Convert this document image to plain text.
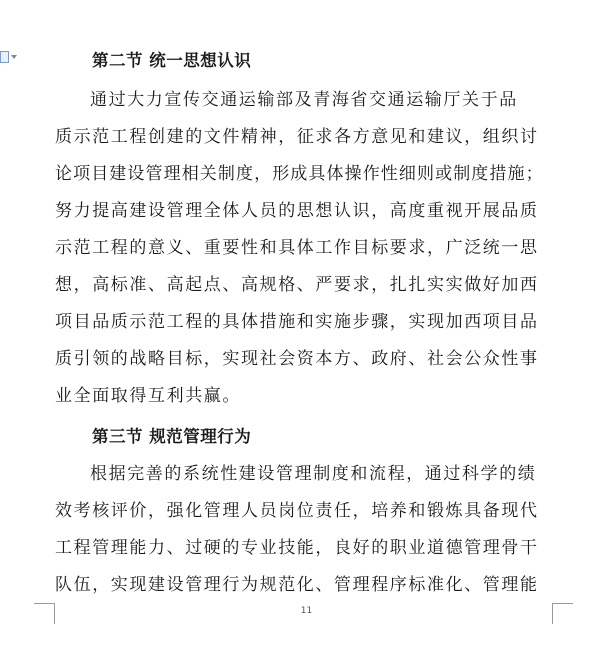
第二节 统一思想认识
通过大力宣传交通运输部及青海省交通运输厅关于品
质示范工程创建的文件精神，征求各方意见和建议，组织讨
论项目建设管理相关制度，形成具体操作性细则或制度措施；
努力提高建设管理全体人员的思想认识，高度重视开展品质
示范工程的意义、重要性和具体工作目标要求，广泛统一思
想，高标准、高起点、高规格、严要求，扎扎实实做好加西
项目品质示范工程的具体措施和实施步骤，实现加西项目品
质引领的战略目标，实现社会资本方、政府、社会公众性事
业全面取得互利共赢。
第三节 规范管理行为
根据完善的系统性建设管理制度和流程，通过科学的绩
效考核评价，强化管理人员岗位责任，培养和锻炼具备现代
工程管理能力、过硬的专业技能，良好的职业道德管理骨干
队伍，实现建设管理行为规范化、管理程序标准化、管理能
11
